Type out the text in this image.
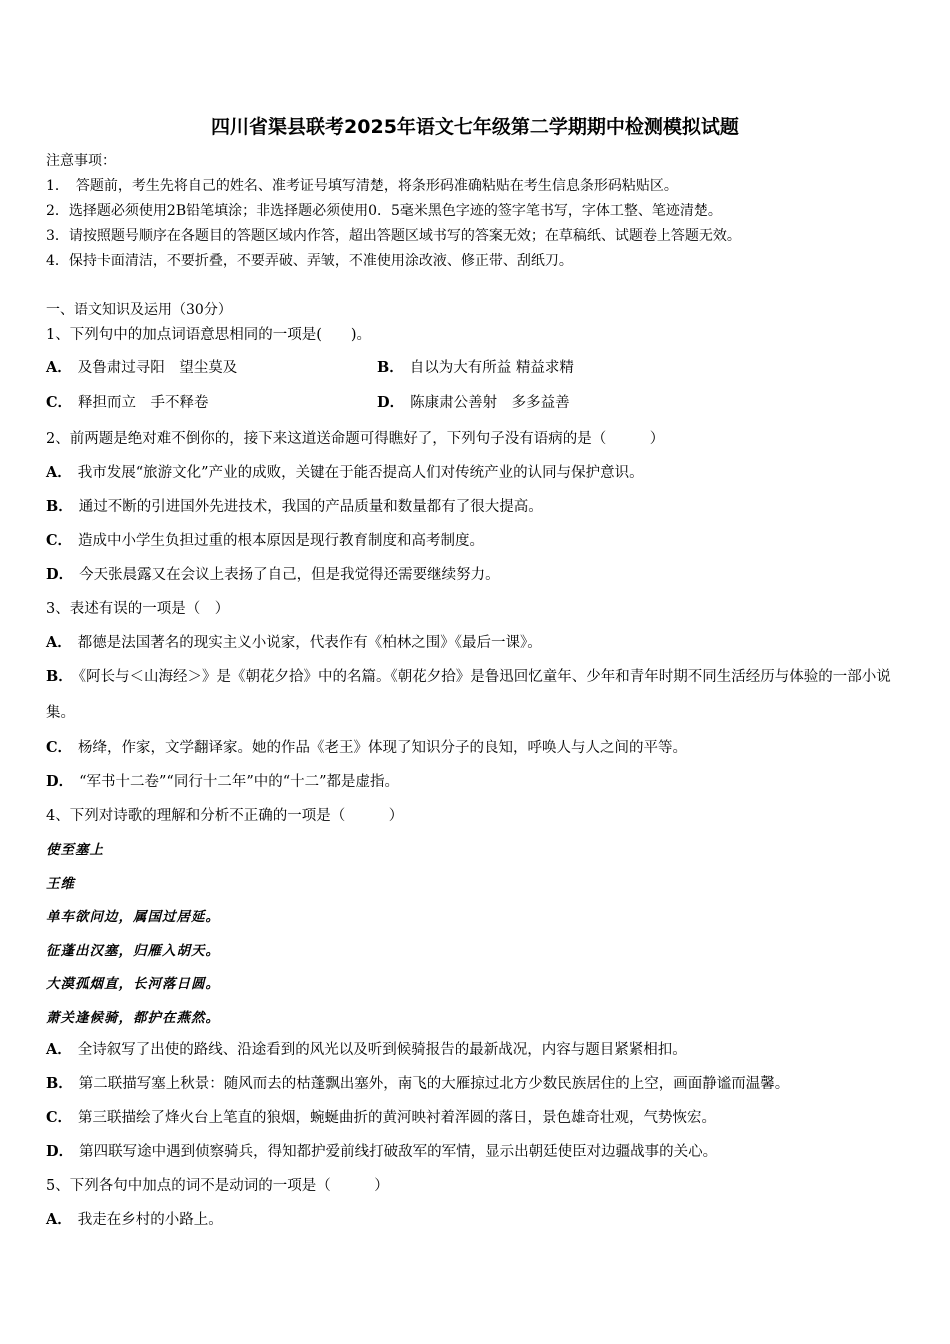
四川省渠县联考2025年语文七年级第二学期期中检测模拟试题
注意事项：
1．　答题前，考生先将自己的姓名、准考证号填写清楚，将条形码准确粘贴在考生信息条形码粘贴区。
2．选择题必须使用2B铅笔填涂；非选择题必须使用0．5毫米黑色字迹的签字笔书写，字体工整、笔迹清楚。
3．请按照题号顺序在各题目的答题区域内作答，超出答题区域书写的答案无效；在草稿纸、试题卷上答题无效。
4．保持卡面清洁，不要折叠，不要弄破、弄皱，不准使用涂改液、修正带、刮纸刀。
一、语文知识及运用（30分）
1、下列句中的加点词语意思相同的一项是(　　)。
A． 及鲁肃过寻阳　望尘莫及	B． 自以为大有所益 精益求精
C． 释担而立　手不释卷	D． 陈康肃公善射　多多益善
2、前两题是绝对难不倒你的，接下来这道送命题可得瞧好了，下列句子没有语病的是（　　　）
A． 我市发展“旅游文化”产业的成败，关键在于能否提高人们对传统产业的认同与保护意识。
B． 通过不断的引进国外先进技术，我国的产品质量和数量都有了很大提高。
C． 造成中小学生负担过重的根本原因是现行教育制度和高考制度。
D． 今天张晨露又在会议上表扬了自己，但是我觉得还需要继续努力。
3、表述有误的一项是（　）
A． 都德是法国著名的现实主义小说家，代表作有《柏林之围》《最后一课》。
B． 《阿长与＜山海经＞》是《朝花夕拾》中的名篇。《朝花夕拾》是鲁迅回忆童年、少年和青年时期不同生活经历与体验的一部小说集。
C． 杨绛，作家，文学翻译家。她的作品《老王》体现了知识分子的良知，呼唤人与人之间的平等。
D． “军书十二卷”“同行十二年”中的“十二”都是虚指。
4、下列对诗歌的理解和分析不正确的一项是（　　　）
使至塞上
王维
单车欲问边，属国过居延。
征蓬出汉塞，归雁入胡天。
大漠孤烟直，长河落日圆。
萧关逢候骑，都护在燕然。
A． 全诗叙写了出使的路线、沿途看到的风光以及听到候骑报告的最新战况，内容与题目紧紧相扣。
B． 第二联描写塞上秋景：随风而去的枯蓬飘出塞外，南飞的大雁掠过北方少数民族居住的上空，画面静谧而温馨。
C． 第三联描绘了烽火台上笔直的狼烟，蜿蜒曲折的黄河映衬着浑圆的落日，景色雄奇壮观，气势恢宏。
D． 第四联写途中遇到侦察骑兵，得知都护爱前线打破敌军的军情，显示出朝廷使臣对边疆战事的关心。
5、下列各句中加点的词不是动词的一项是（　　　）
A． 我走在乡村的小路上。
